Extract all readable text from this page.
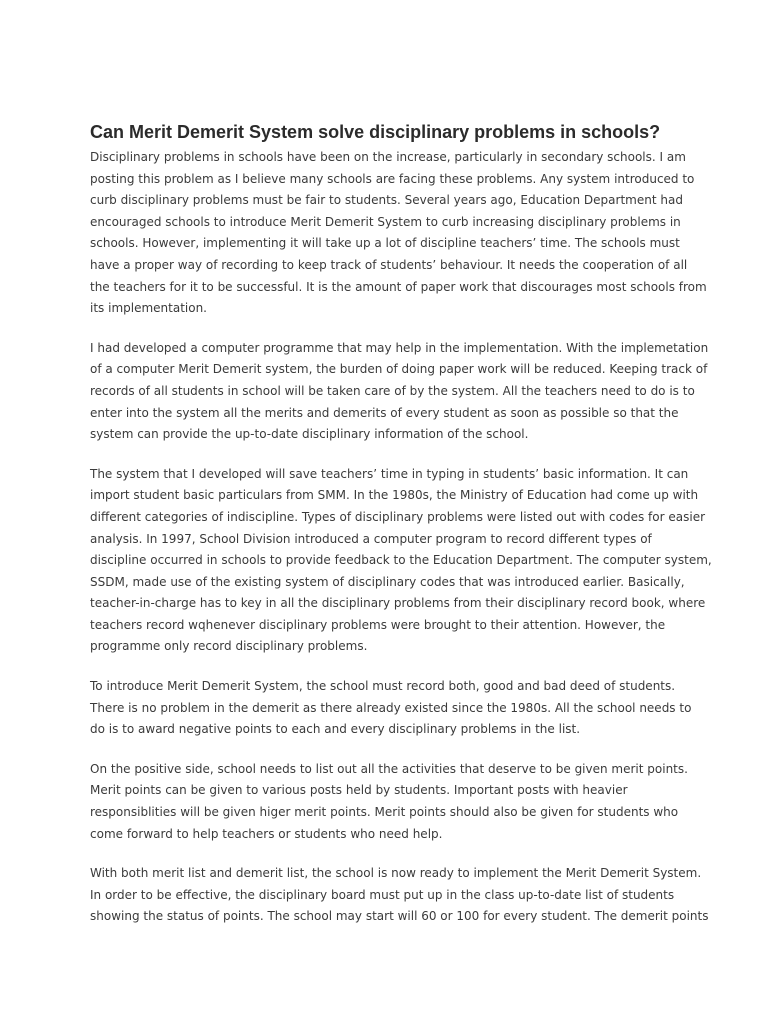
Can Merit Demerit System solve disciplinary problems in schools?

Disciplinary problems in schools have been on the increase, particularly in secondary schools. I am
posting this problem as I believe many schools are facing these problems. Any system introduced to
curb disciplinary problems must be fair to students. Several years ago, Education Department had
encouraged schools to introduce Merit Demerit System to curb increasing disciplinary problems in
schools. However, implementing it will take up a lot of discipline teachers’ time. The schools must
have a proper way of recording to keep track of students’ behaviour. It needs the cooperation of all
the teachers for it to be successful. It is the amount of paper work that discourages most schools from
its implementation.

I had developed a computer programme that may help in the implementation. With the implemetation
of a computer Merit Demerit system, the burden of doing paper work will be reduced. Keeping track of
records of all students in school will be taken care of by the system. All the teachers need to do is to
enter into the system all the merits and demerits of every student as soon as possible so that the
system can provide the up-to-date disciplinary information of the school.

The system that I developed will save teachers’ time in typing in students’ basic information. It can
import student basic particulars from SMM. In the 1980s, the Ministry of Education had come up with
different categories of indiscipline. Types of disciplinary problems were listed out with codes for easier
analysis. In 1997, School Division introduced a computer program to record different types of
discipline occurred in schools to provide feedback to the Education Department. The computer system,
SSDM, made use of the existing system of disciplinary codes that was introduced earlier. Basically,
teacher-in-charge has to key in all the disciplinary problems from their disciplinary record book, where
teachers record wqhenever disciplinary problems were brought to their attention. However, the
programme only record disciplinary problems.

To introduce Merit Demerit System, the school must record both, good and bad deed of students.
There is no problem in the demerit as there already existed since the 1980s. All the school needs to
do is to award negative points to each and every disciplinary problems in the list.

On the positive side, school needs to list out all the activities that deserve to be given merit points.
Merit points can be given to various posts held by students. Important posts with heavier
responsiblities will be given higer merit points. Merit points should also be given for students who
come forward to help teachers or students who need help.

With both merit list and demerit list, the school is now ready to implement the Merit Demerit System.
In order to be effective, the disciplinary board must put up in the class up-to-date list of students
showing the status of points. The school may start will 60 or 100 for every student. The demerit points
